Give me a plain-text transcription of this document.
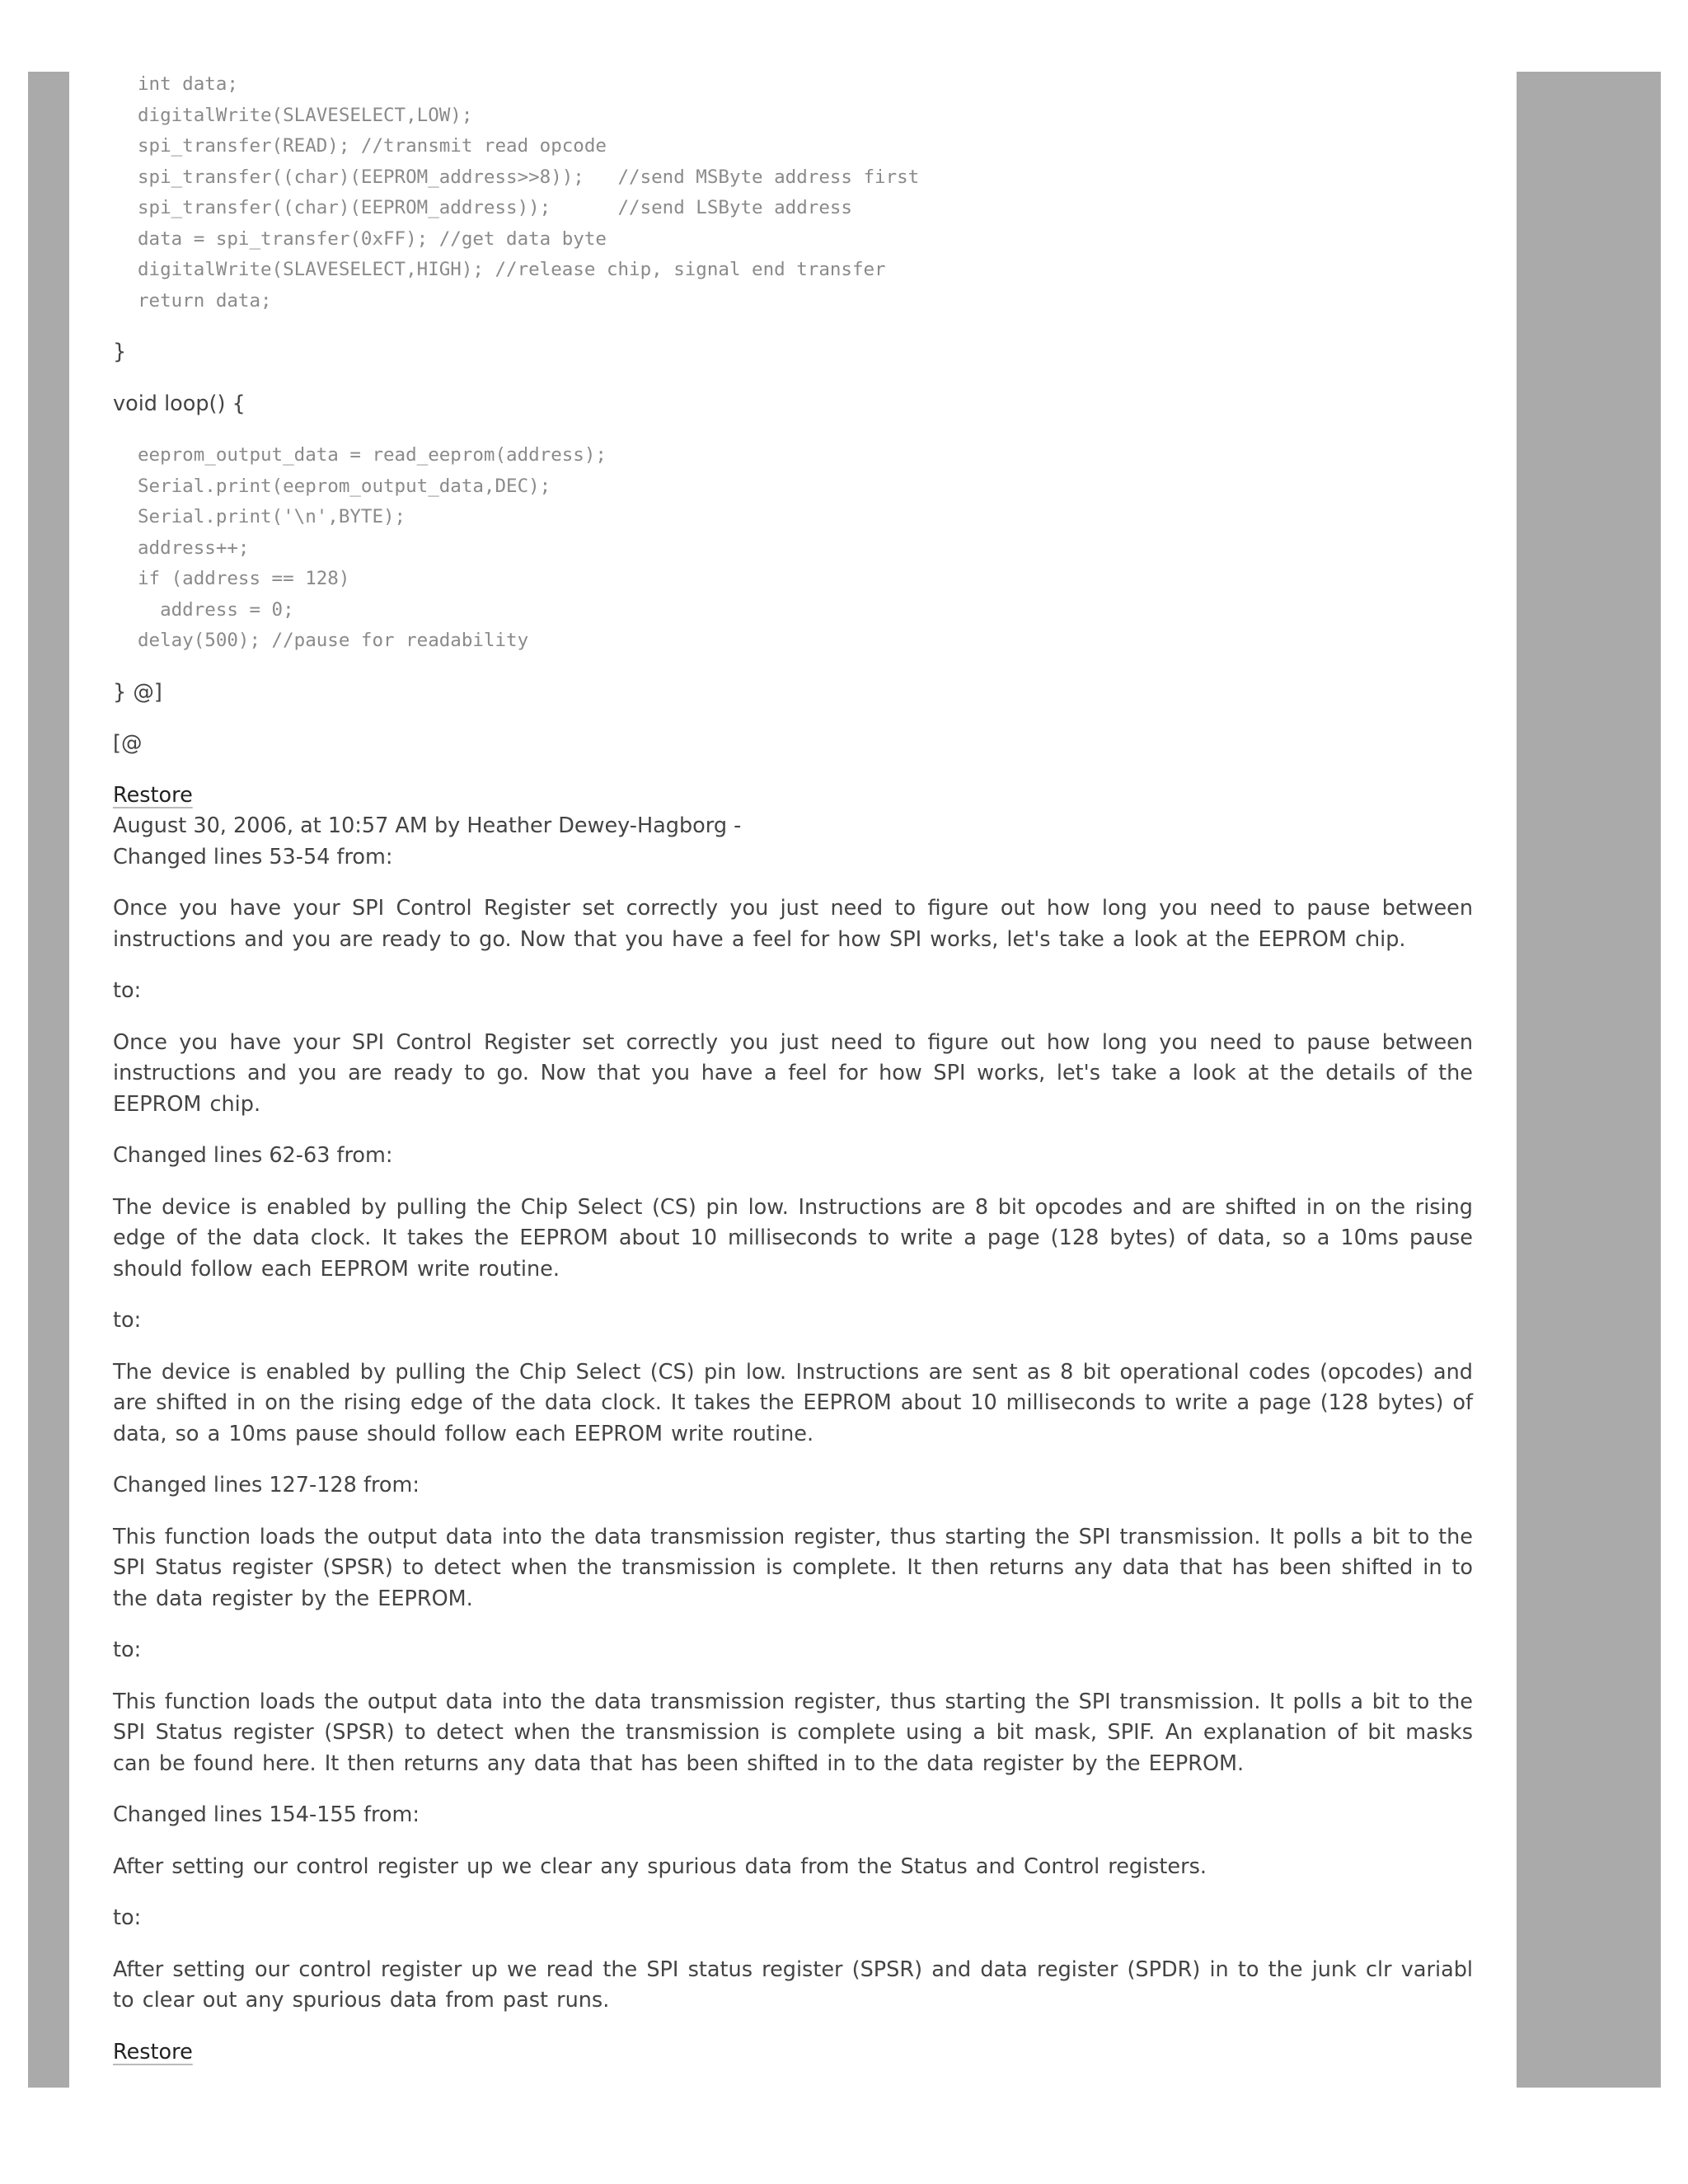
int data;
digitalWrite(SLAVESELECT,LOW);
spi_transfer(READ); //transmit read opcode
spi_transfer((char)(EEPROM_address>>8));   //send MSByte address first
spi_transfer((char)(EEPROM_address));      //send LSByte address
data = spi_transfer(0xFF); //get data byte
digitalWrite(SLAVESELECT,HIGH); //release chip, signal end transfer
return data;

}

void loop() {

eeprom_output_data = read_eeprom(address);
Serial.print(eeprom_output_data,DEC);
Serial.print('\n',BYTE);
address++;
if (address == 128)
address = 0;
delay(500); //pause for readability

} @]

[@

Restore

August 30, 2006, at 10:57 AM by Heather Dewey-Hagborg -

Changed lines 53-54 from:

Once you have your SPI Control Register set correctly you just need to figure out how long you need to pause between instructions and you are ready to go. Now that you have a feel for how SPI works, let's take a look at the EEPROM chip.

to:

Once you have your SPI Control Register set correctly you just need to figure out how long you need to pause between instructions and you are ready to go. Now that you have a feel for how SPI works, let's take a look at the details of the EEPROM chip.

Changed lines 62-63 from:

The device is enabled by pulling the Chip Select (CS) pin low. Instructions are 8 bit opcodes and are shifted in on the rising edge of the data clock. It takes the EEPROM about 10 milliseconds to write a page (128 bytes) of data, so a 10ms pause should follow each EEPROM write routine.

to:

The device is enabled by pulling the Chip Select (CS) pin low. Instructions are sent as 8 bit operational codes (opcodes) and are shifted in on the rising edge of the data clock. It takes the EEPROM about 10 milliseconds to write a page (128 bytes) of data, so a 10ms pause should follow each EEPROM write routine.

Changed lines 127-128 from:

This function loads the output data into the data transmission register, thus starting the SPI transmission. It polls a bit to the SPI Status register (SPSR) to detect when the transmission is complete. It then returns any data that has been shifted in to the data register by the EEPROM.

to:

This function loads the output data into the data transmission register, thus starting the SPI transmission. It polls a bit to the SPI Status register (SPSR) to detect when the transmission is complete using a bit mask, SPIF. An explanation of bit masks can be found here. It then returns any data that has been shifted in to the data register by the EEPROM.

Changed lines 154-155 from:

After setting our control register up we clear any spurious data from the Status and Control registers.

to:

After setting our control register up we read the SPI status register (SPSR) and data register (SPDR) in to the junk clr variabl to clear out any spurious data from past runs.

Restore
